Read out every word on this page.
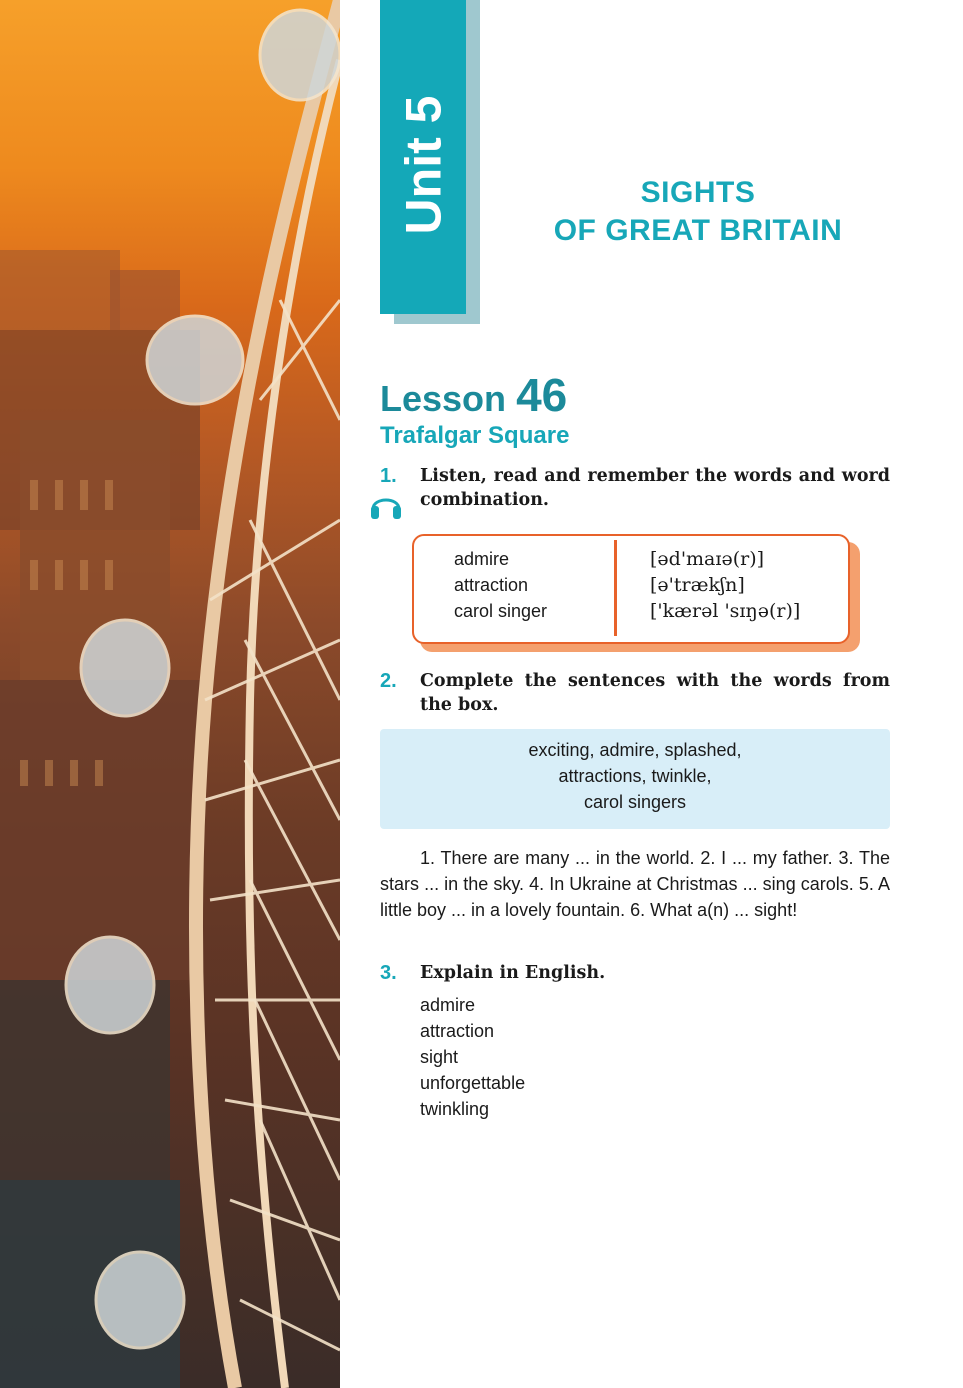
Unit 5	SIGHTS
OF GREAT BRITAIN
Lesson 46
Trafalgar Square
1. Listen, read and remember the words and word combination.
admire
attraction
carol singer
[əd'maɪə(r)]
[ə'trækʃn]
['kærəl 'sɪŋə(r)]
2. Complete the sentences with the words from the box.
exciting, admire, splashed,
attractions, twinkle,
carol singers
1. There are many ... in the world. 2. I ... my father. 3. The stars ... in the sky. 4. In Ukraine at Christmas ... sing carols. 5. A little boy ... in a lovely fountain. 6. What a(n) ... sight!
3. Explain in English.
admire
attraction
sight
unforgettable
twinkling
